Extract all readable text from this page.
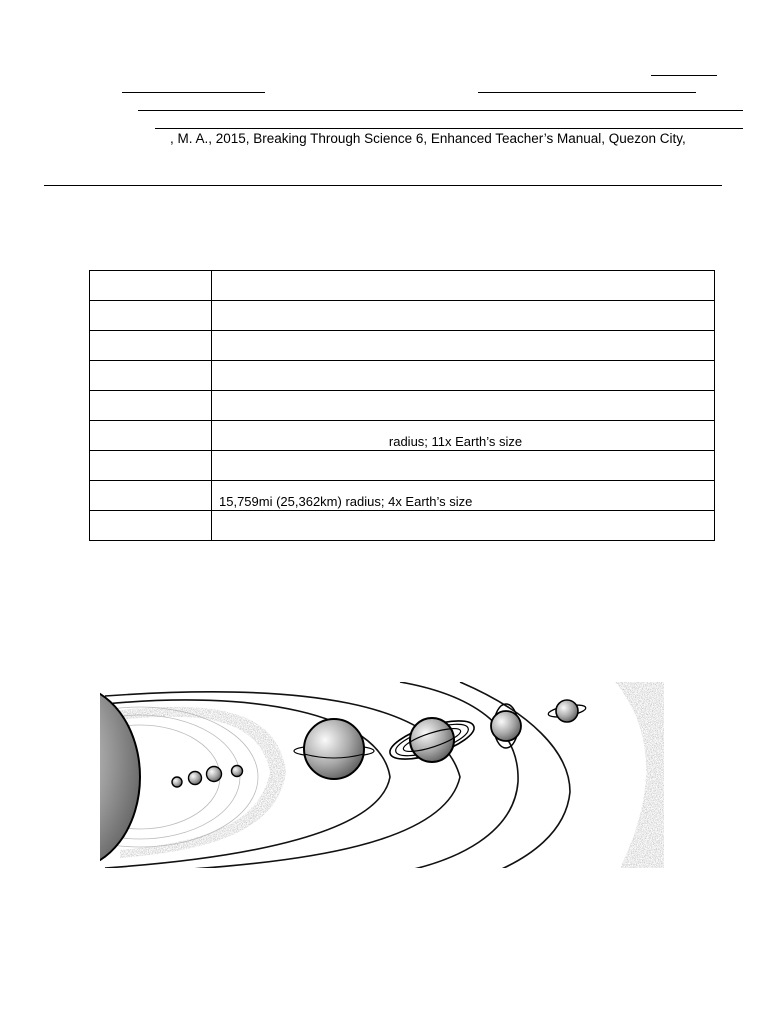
, M. A., 2015, Breaking Through Science 6, Enhanced Teacher’s Manual, Quezon City,

	radius; 11x Earth’s size

	15,759mi (25,362km) radius; 4x Earth’s size
